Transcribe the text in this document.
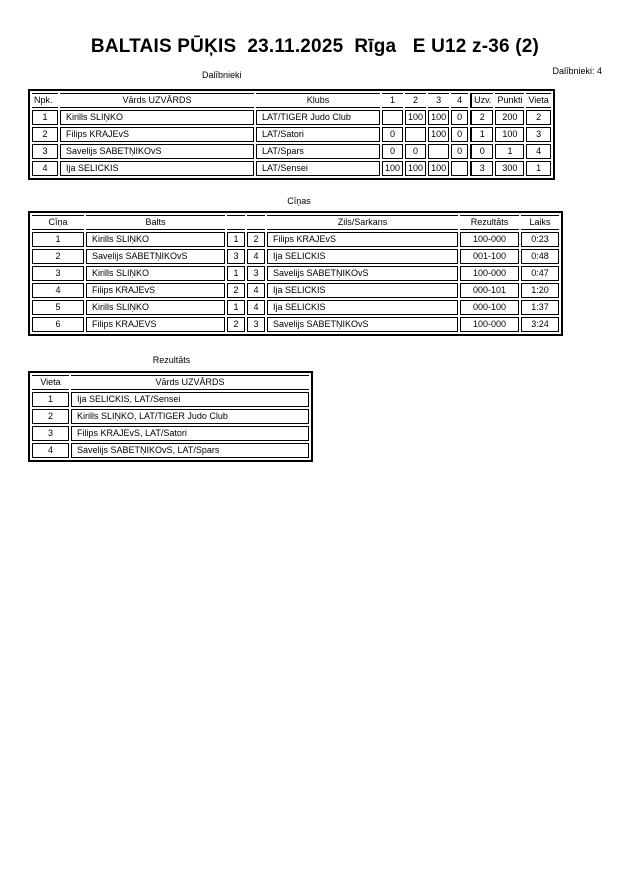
BALTAIS PŪĶIS  23.11.2025  Rīga   E U12 z-36 (2)
Dalībnieki	Dalībnieki: 4
Npk.	Vārds UZVĀRDS	Klubs	1	2	3	4	Uzv.	Punkti	Vieta
1	Kirills SLIŅKO	LAT/TIGER Judo Club		100	100	0	2	200	2
2	Filips KRAJEvS	LAT/Satori	0		100	0	1	100	3
3	Savelijs SABETŅIKOvS	LAT/Spars	0	0		0	0	1	4
4	Ija SELICKIS	LAT/Sensei	100	100	100		3	300	1
Cīņas
Cīņa	Balts			Zils/Sarkans	Rezultāts	Laiks
1	Kirills SLIŅKO	1	2	Filips KRAJEvS	100-000	0:23
2	Savelijs SABETŅIKOvS	3	4	Ija SELICKIS	001-100	0:48
3	Kirills SLIŅKO	1	3	Savelijs SABETŅIKOvS	100-000	0:47
4	Filips KRAJEvS	2	4	Ija SELICKIS	000-101	1:20
5	Kirills SLIŅKO	1	4	Ija SELICKIS	000-100	1:37
6	Filips KRAJEVS	2	3	Savelijs SABETŅIKOvS	100-000	3:24
Rezultāts
Vieta	Vārds UZVĀRDS
1	Ija SELICKIS, LAT/Sensei
2	Kirills SLIŅKO, LAT/TIGER Judo Club
3	Filips KRAJEvS, LAT/Satori
4	Savelijs SABETŅIKOvS, LAT/Spars
